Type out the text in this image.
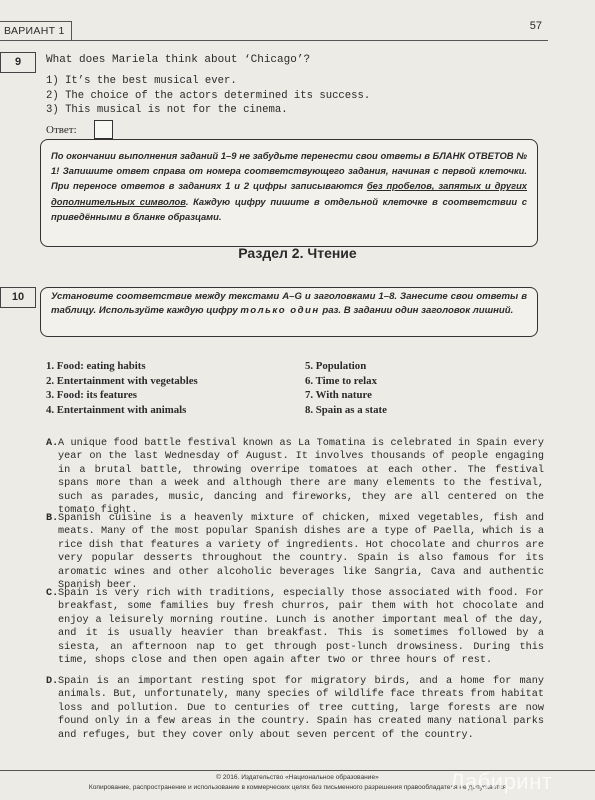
ВАРИАНТ 1	57
9	What does Mariela think about ‘Chicago’?
1) It’s the best musical ever.
2) The choice of the actors determined its success.
3) This musical is not for the cinema.
Ответ:
По окончании выполнения заданий 1–9 не забудьте перенести свои ответы в БЛАНК ОТВЕТОВ № 1! Запишите ответ справа от номера соответствующего задания, начиная с первой клеточки. При переносе ответов в заданиях 1 и 2 цифры записываются без пробелов, запятых и других дополнительных символов. Каждую цифру пишите в отдельной клеточке в соответствии с приведёнными в бланке образцами.
Раздел 2. Чтение
10	Установите соответствие между текстами A–G и заголовками 1–8. Занесите свои ответы в таблицу. Используйте каждую цифру только один раз. В задании один заголовок лишний.
1. Food: eating habits
2. Entertainment with vegetables
3. Food: its features
4. Entertainment with animals
5. Population
6. Time to relax
7. With nature
8. Spain as a state
A. A unique food battle festival known as La Tomatina is celebrated in Spain every year on the last Wednesday of August. It involves thousands of people engaging in a brutal battle, throwing overripe tomatoes at each other. The festival spans more than a week and although there are many elements to the festival, such as parades, music, dancing and fireworks, they are all centered on the tomato fight.
B. Spanish cuisine is a heavenly mixture of chicken, mixed vegetables, fish and meats. Many of the most popular Spanish dishes are a type of Paella, which is a rice dish that features a variety of ingredients. Hot chocolate and churros are very popular desserts throughout the country. Spain is also famous for its aromatic wines and other alcoholic beverages like Sangria, Cava and authentic Spanish beer.
C. Spain is very rich with traditions, especially those associated with food. For breakfast, some families buy fresh churros, pair them with hot chocolate and enjoy a leisurely morning routine. Lunch is another important meal of the day, and it is usually heavier than breakfast. This is sometimes followed by a siesta, an afternoon nap to get through post-lunch drowsiness. During this time, shops close and then open again after two or three hours of rest.
D. Spain is an important resting spot for migratory birds, and a home for many animals. But, unfortunately, many species of wildlife face threats from habitat loss and pollution. Due to centuries of tree cutting, large forests are now found only in a few areas in the country. Spain has created many national parks and refuges, but they cover only about seven percent of the country.
© 2016. Издательство «Национальное образование»
Копирование, распространение и использование в коммерческих целях без письменного разрешения правообладателя не допускается
Лабиринт
